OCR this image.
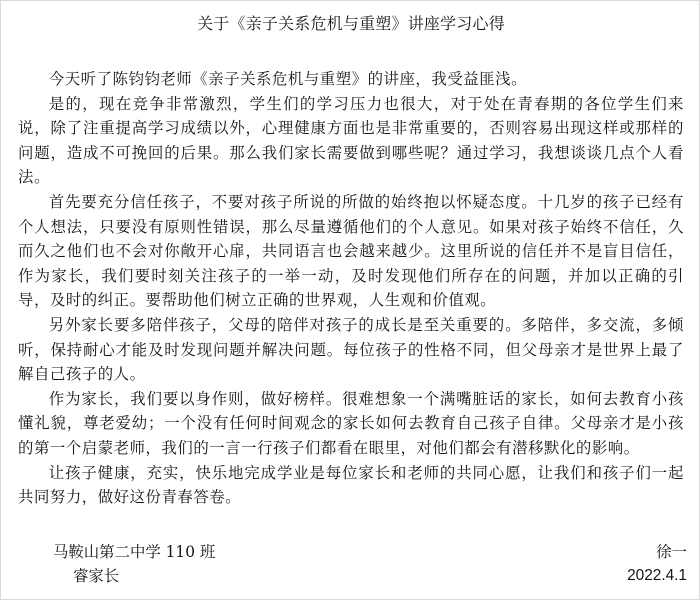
关于《亲子关系危机与重塑》讲座学习心得

今天听了陈钧钧老师《亲子关系危机与重塑》的讲座，我受益匪浅。

是的，现在竞争非常激烈，学生们的学习压力也很大，对于处在青春期的各位学生们来说，除了注重提高学习成绩以外，心理健康方面也是非常重要的，否则容易出现这样或那样的问题，造成不可挽回的后果。那么我们家长需要做到哪些呢？通过学习，我想谈谈几点个人看法。

首先要充分信任孩子，不要对孩子所说的所做的始终抱以怀疑态度。十几岁的孩子已经有个人想法，只要没有原则性错误，那么尽量遵循他们的个人意见。如果对孩子始终不信任，久而久之他们也不会对你敞开心扉，共同语言也会越来越少。这里所说的信任并不是盲目信任，作为家长，我们要时刻关注孩子的一举一动，及时发现他们所存在的问题，并加以正确的引导，及时的纠正。要帮助他们树立正确的世界观，人生观和价值观。

另外家长要多陪伴孩子，父母的陪伴对孩子的成长是至关重要的。多陪伴，多交流，多倾听，保持耐心才能及时发现问题并解决问题。每位孩子的性格不同，但父母亲才是世界上最了解自己孩子的人。

作为家长，我们要以身作则，做好榜样。很难想象一个满嘴脏话的家长，如何去教育小孩懂礼貌，尊老爱幼；一个没有任何时间观念的家长如何去教育自己孩子自律。父母亲才是小孩的第一个启蒙老师，我们的一言一行孩子们都看在眼里，对他们都会有潜移默化的影响。

让孩子健康，充实，快乐地完成学业是每位家长和老师的共同心愿，让我们和孩子们一起共同努力，做好这份青春答卷。

马鞍山第二中学 110 班
睿家长
徐一
2022.4.1
